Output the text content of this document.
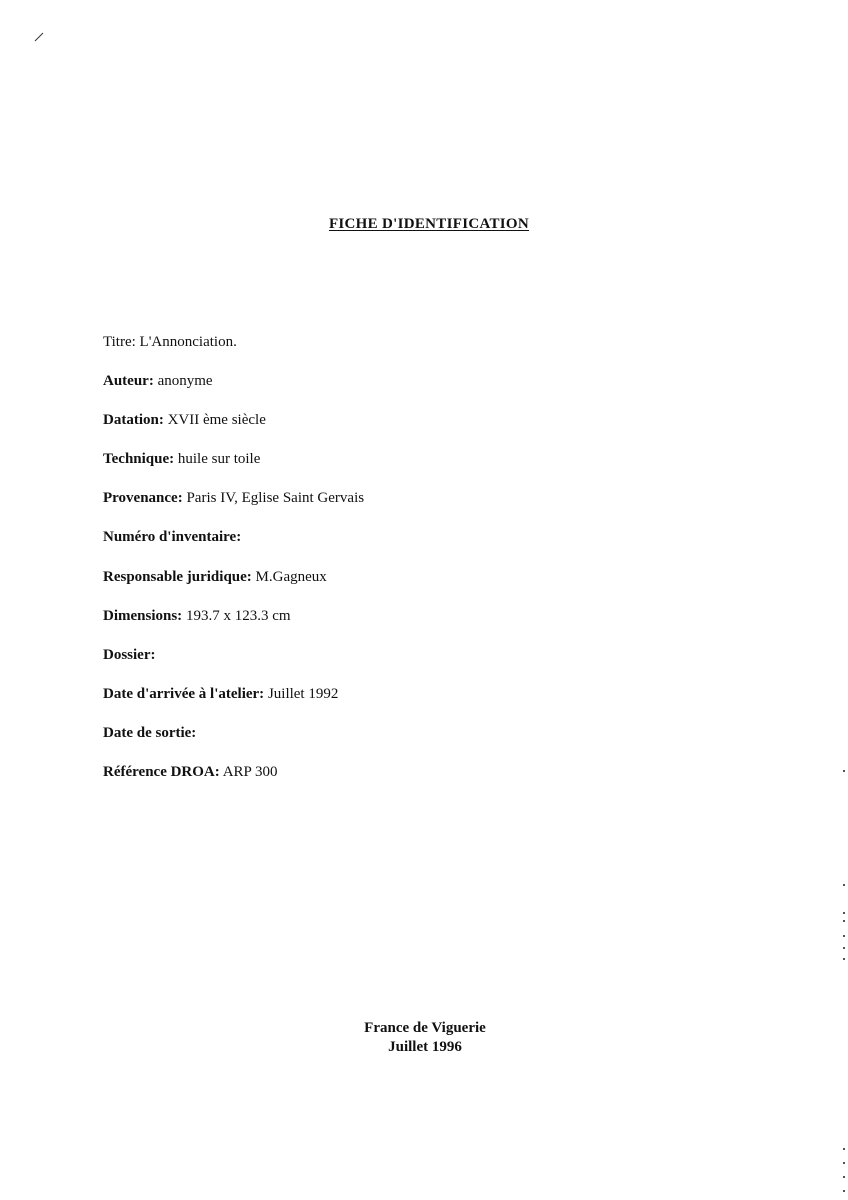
FICHE D'IDENTIFICATION
Titre: L'Annonciation.
Auteur: anonyme
Datation: XVII ème siècle
Technique: huile sur toile
Provenance: Paris IV, Eglise Saint Gervais
Numéro d'inventaire:
Responsable juridique: M.Gagneux
Dimensions: 193.7 x 123.3 cm
Dossier:
Date d'arrivée à l'atelier: Juillet 1992
Date de sortie:
Référence DROA: ARP 300
France de Viguerie
Juillet 1996
